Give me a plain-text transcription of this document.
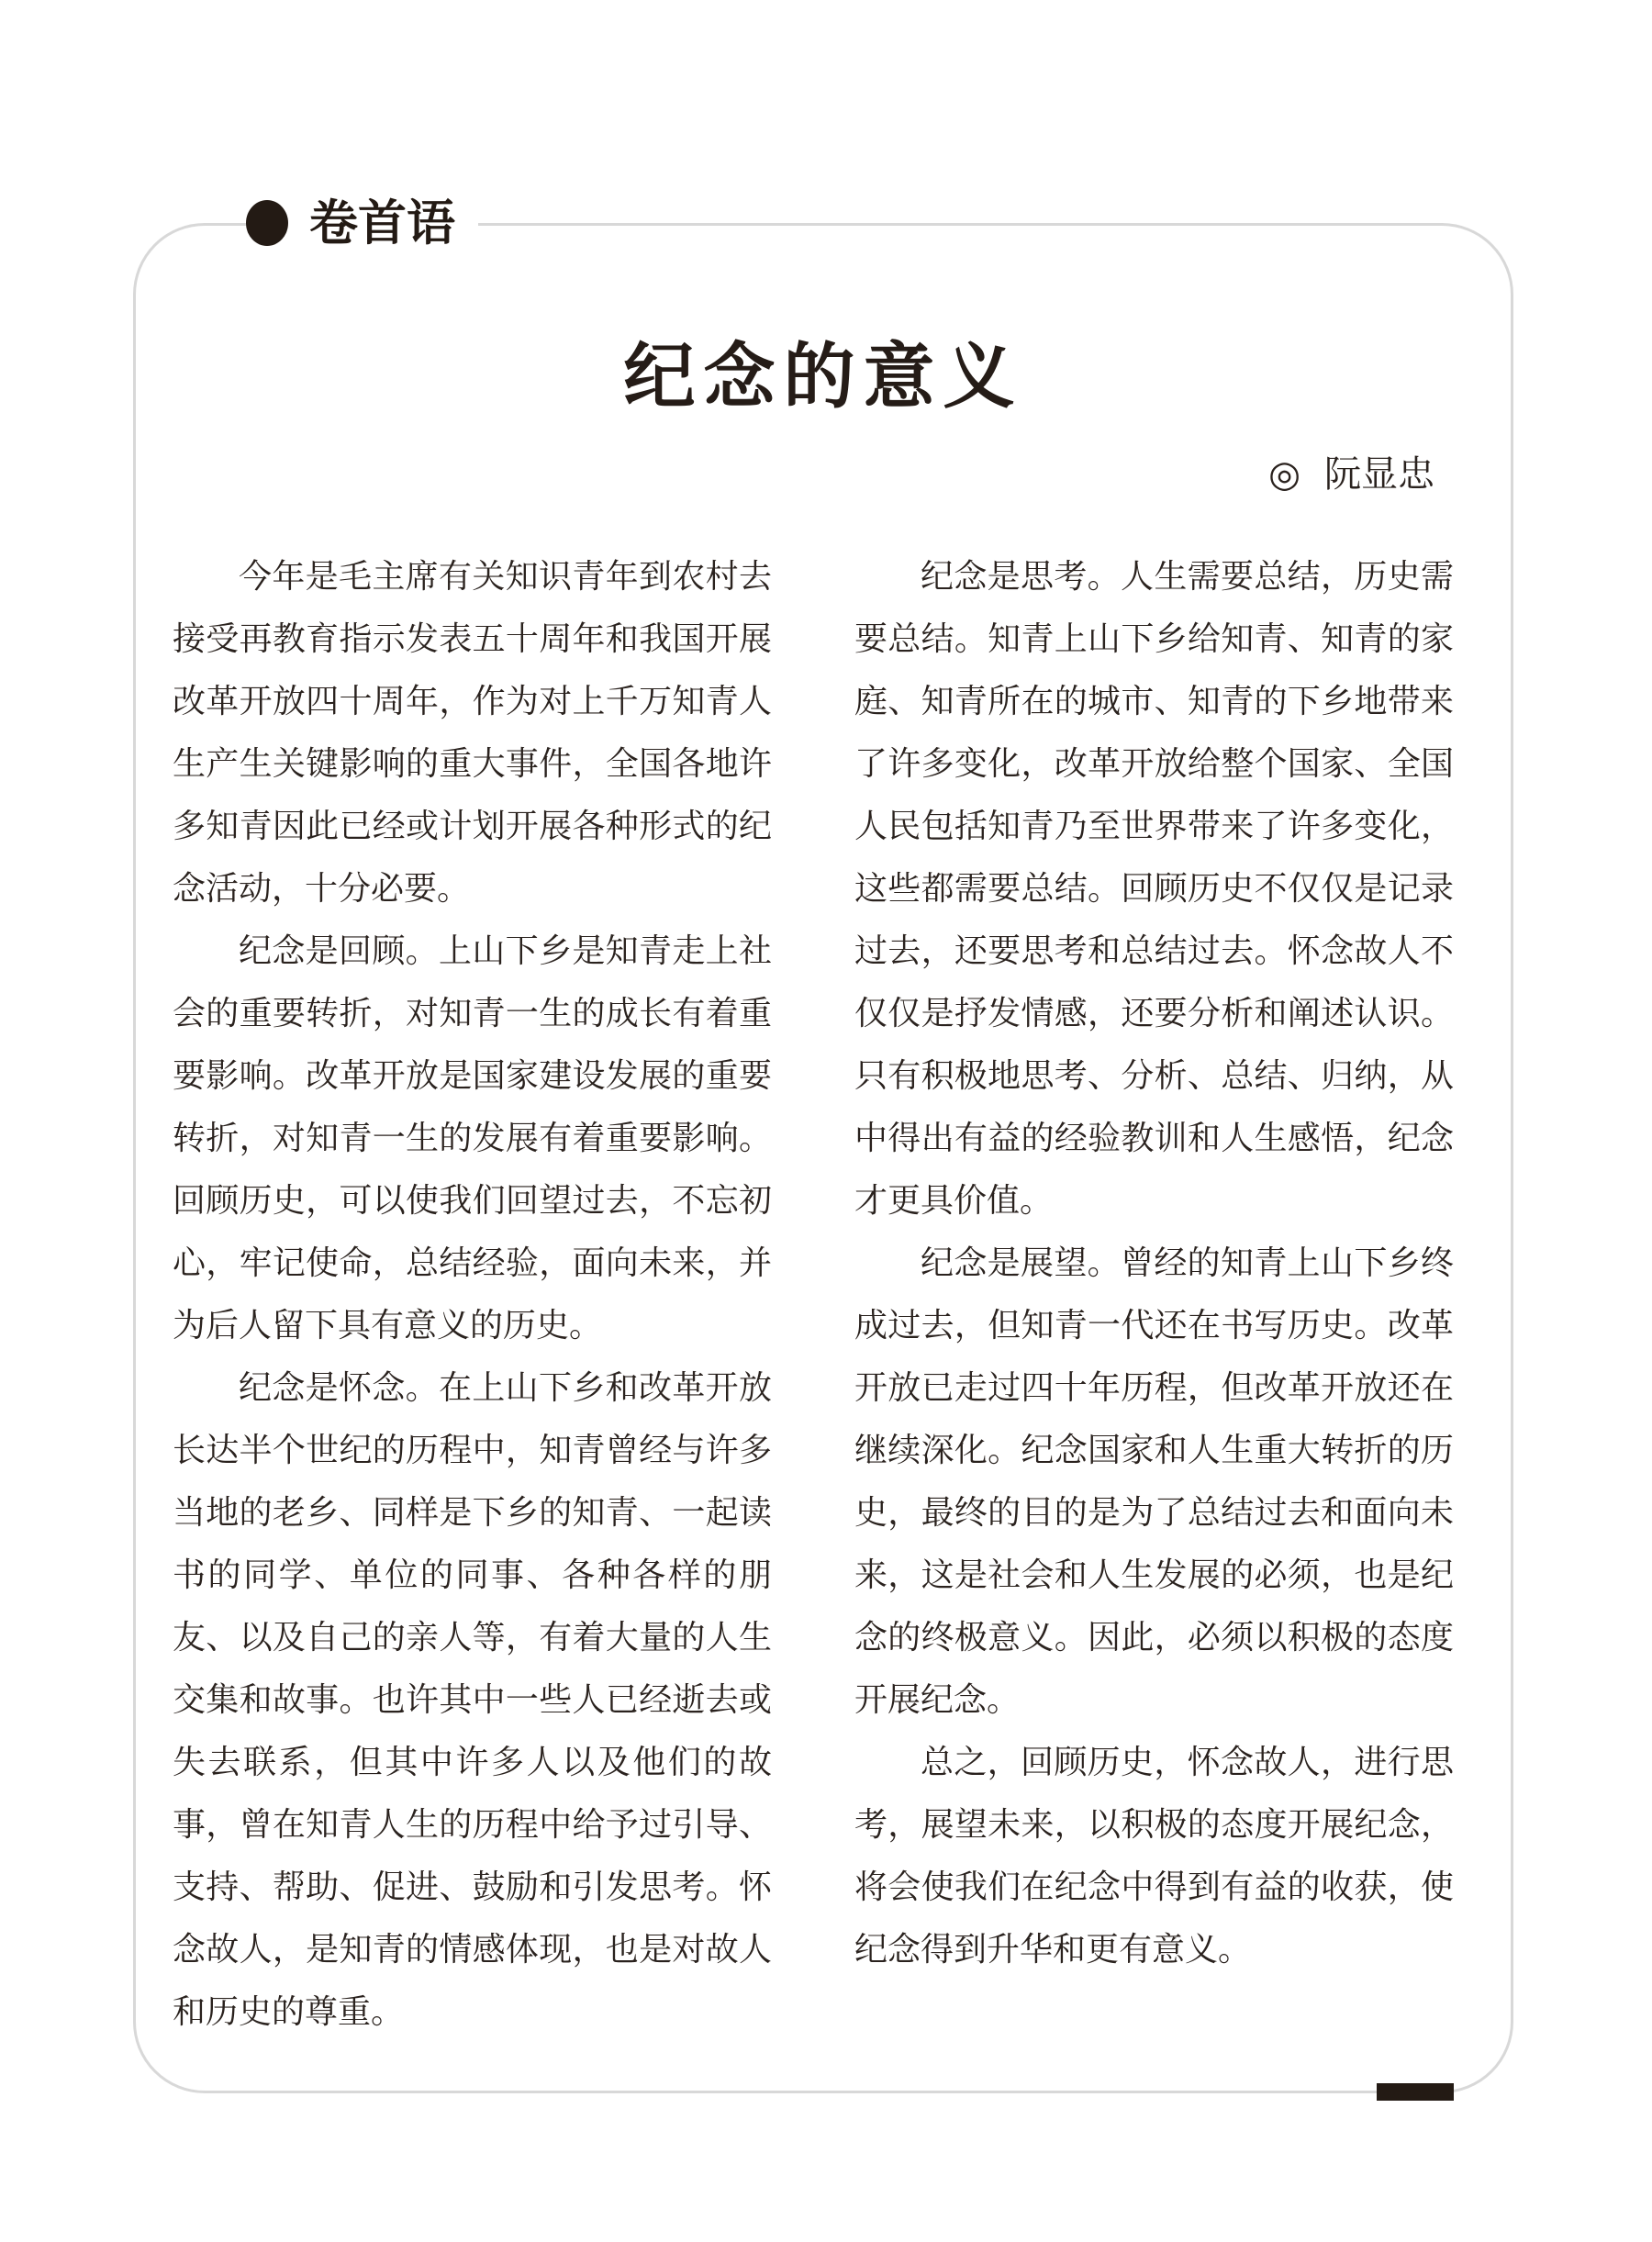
卷首语
纪念的意义
◎ 阮显忠

今年是毛主席有关知识青年到农村去接受再教育指示发表五十周年和我国开展改革开放四十周年，作为对上千万知青人生产生关键影响的重大事件，全国各地许多知青因此已经或计划开展各种形式的纪念活动，十分必要。

纪念是回顾。上山下乡是知青走上社会的重要转折，对知青一生的成长有着重要影响。改革开放是国家建设发展的重要转折，对知青一生的发展有着重要影响。回顾历史，可以使我们回望过去，不忘初心，牢记使命，总结经验，面向未来，并为后人留下具有意义的历史。

纪念是怀念。在上山下乡和改革开放长达半个世纪的历程中，知青曾经与许多当地的老乡、同样是下乡的知青、一起读书的同学、单位的同事、各种各样的朋友、以及自己的亲人等，有着大量的人生交集和故事。也许其中一些人已经逝去或失去联系，但其中许多人以及他们的故事，曾在知青人生的历程中给予过引导、支持、帮助、促进、鼓励和引发思考。怀念故人，是知青的情感体现，也是对故人和历史的尊重。

纪念是思考。人生需要总结，历史需要总结。知青上山下乡给知青、知青的家庭、知青所在的城市、知青的下乡地带来了许多变化，改革开放给整个国家、全国人民包括知青乃至世界带来了许多变化，这些都需要总结。回顾历史不仅仅是记录过去，还要思考和总结过去。怀念故人不仅仅是抒发情感，还要分析和阐述认识。只有积极地思考、分析、总结、归纳，从中得出有益的经验教训和人生感悟，纪念才更具价值。

纪念是展望。曾经的知青上山下乡终成过去，但知青一代还在书写历史。改革开放已走过四十年历程，但改革开放还在继续深化。纪念国家和人生重大转折的历史，最终的目的是为了总结过去和面向未来，这是社会和人生发展的必须，也是纪念的终极意义。因此，必须以积极的态度开展纪念。

总之，回顾历史，怀念故人，进行思考，展望未来，以积极的态度开展纪念，将会使我们在纪念中得到有益的收获，使纪念得到升华和更有意义。
